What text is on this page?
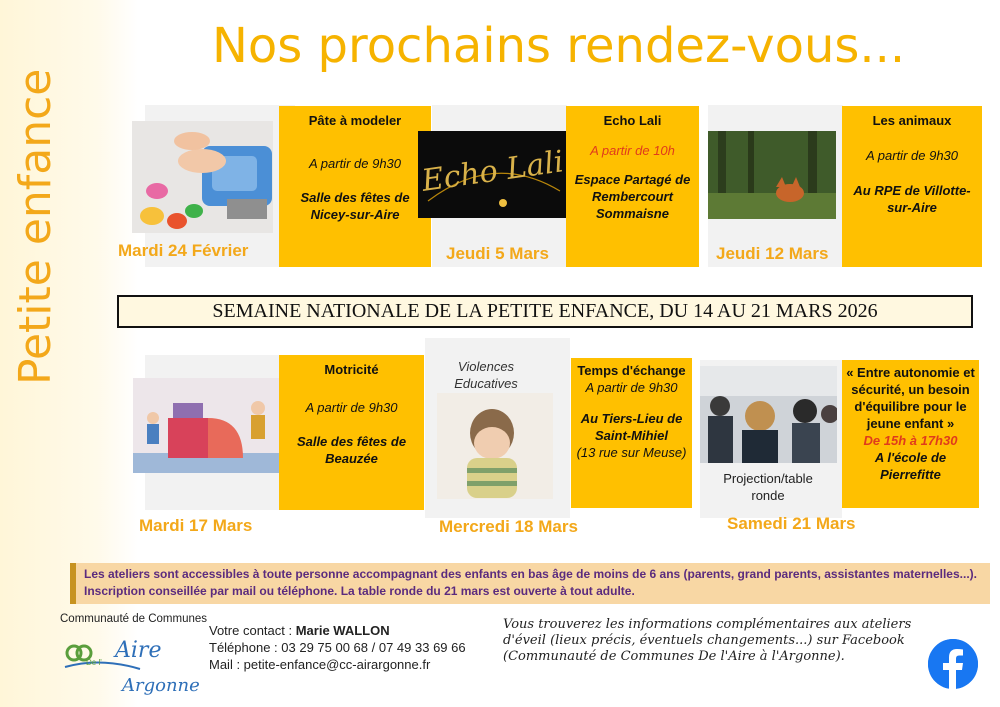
Petite enfance
Nos prochains rendez-vous...
Pâte à modeler
A partir de 9h30
Salle des fêtes de Nicey-sur-Aire
Mardi 24 Février
Echo Lali
Echo Lali
A partir de 10h
Espace Partagé de Rembercourt Sommaisne
Jeudi 5 Mars
Les animaux
A partir de 9h30
Au RPE de Villotte-sur-Aire
Jeudi 12 Mars
SEMAINE NATIONALE DE LA PETITE ENFANCE, DU 14 AU 21 MARS 2026
Motricité
A partir de 9h30
Salle des fêtes de Beauzée
Mardi 17 Mars
Violences Educatives
Temps d'échange
A partir de 9h30
Au Tiers-Lieu de Saint-Mihiel
(13 rue sur Meuse)
Mercredi 18 Mars
Projection/table ronde
« Entre autonomie et sécurité, un besoin d'équilibre pour le jeune enfant »
De 15h à 17h30
A l'école de Pierrefitte
Samedi 21 Mars
Les ateliers sont accessibles à toute personne accompagnant des enfants en bas âge de moins de 6 ans (parents, grand parents, assistantes maternelles...). Inscription conseillée par mail ou téléphone. La table ronde du 21 mars est ouverte à tout adulte.
Communauté de Communes
Aire
De l'
Argonne
Votre contact : Marie WALLON
Téléphone : 03 29 75 00 68 / 07 49 33 69 66
Mail : petite-enfance@cc-airargonne.fr
Vous trouverez les informations complémentaires aux ateliers d'éveil (lieux précis, éventuels changements...) sur Facebook (Communauté de Communes De l'Aire à l'Argonne).
